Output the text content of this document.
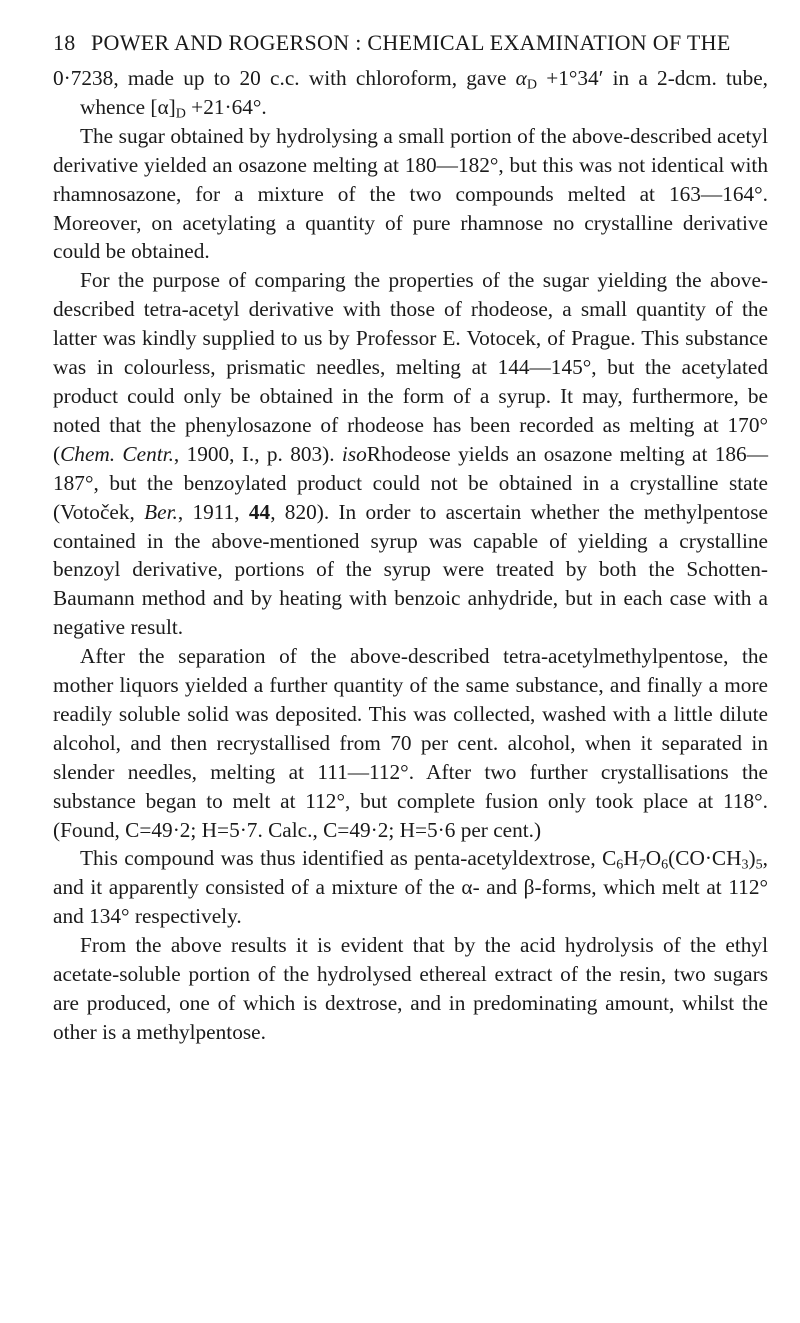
18 POWER AND ROGERSON : CHEMICAL EXAMINATION OF THE

0·7238, made up to 20 c.c. with chloroform, gave $\alpha_D +1^\circ 34'$ in a 2-dcm. tube, whence $[\alpha]_D +21\cdot 64^\circ$.

The sugar obtained by hydrolysing a small portion of the above-described acetyl derivative yielded an osazone melting at 180—182°, but this was not identical with rhamnosazone, for a mixture of the two compounds melted at 163—164°. Moreover, on acetylating a quantity of pure rhamnose no crystalline derivative could be obtained.

For the purpose of comparing the properties of the sugar yielding the above-described tetra-acetyl derivative with those of rhodeose, a small quantity of the latter was kindly supplied to us by Professor E. Votocek, of Prague. This substance was in colourless, prismatic needles, melting at 144—145°, but the acetylated product could only be obtained in the form of a syrup. It may, furthermore, be noted that the phenylosazone of rhodeose has been recorded as melting at 170° (Chem. Centr., 1900, I., p. 803). isoRhodeose yields an osazone melting at 186—187°, but the benzoylated product could not be obtained in a crystalline state (Votoček, Ber., 1911, 44, 820). In order to ascertain whether the methylpentose contained in the above-mentioned syrup was capable of yielding a crystalline benzoyl derivative, portions of the syrup were treated by both the Schotten-Baumann method and by heating with benzoic anhydride, but in each case with a negative result.

After the separation of the above-described tetra-acetylmethylpentose, the mother liquors yielded a further quantity of the same substance, and finally a more readily soluble solid was deposited. This was collected, washed with a little dilute alcohol, and then recrystallised from 70 per cent. alcohol, when it separated in slender needles, melting at 111—112°. After two further crystallisations the substance began to melt at 112°, but complete fusion only took place at 118°. (Found, C=49·2; H=5·7. Calc., C=49·2; H=5·6 per cent.)

This compound was thus identified as penta-acetyldextrose, $C_6H_7O_6(CO\cdot CH_3)_5$, and it apparently consisted of a mixture of the α- and β-forms, which melt at 112° and 134° respectively.

From the above results it is evident that by the acid hydrolysis of the ethyl acetate-soluble portion of the hydrolysed ethereal extract of the resin, two sugars are produced, one of which is dextrose, and in predominating amount, whilst the other is a methylpentose.
